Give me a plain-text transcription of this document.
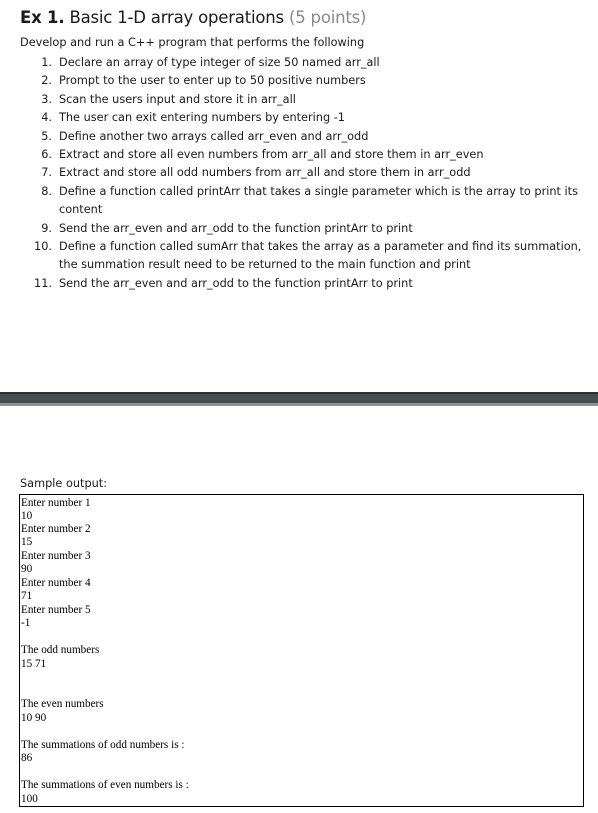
Ex 1. Basic 1-D array operations (5 points)
Develop and run a C++ program that performs the following
1. Declare an array of type integer of size 50 named arr_all
2. Prompt to the user to enter up to 50 positive numbers
3. Scan the users input and store it in arr_all
4. The user can exit entering numbers by entering -1
5. Define another two arrays called arr_even and arr_odd
6. Extract and store all even numbers from arr_all and store them in arr_even
7. Extract and store all odd numbers from arr_all and store them in arr_odd
8. Define a function called printArr that takes a single parameter which is the array to print its
content
9. Send the arr_even and arr_odd to the function printArr to print
10. Define a function called sumArr that takes the array as a parameter and find its summation,
the summation result need to be returned to the main function and print
11. Send the arr_even and arr_odd to the function printArr to print
Sample output:
Enter number 1
10
Enter number 2
15
Enter number 3
90
Enter number 4
71
Enter number 5
-1
The odd numbers
15 71
The even numbers
10 90
The summations of odd numbers is :
86
The summations of even numbers is :
100
